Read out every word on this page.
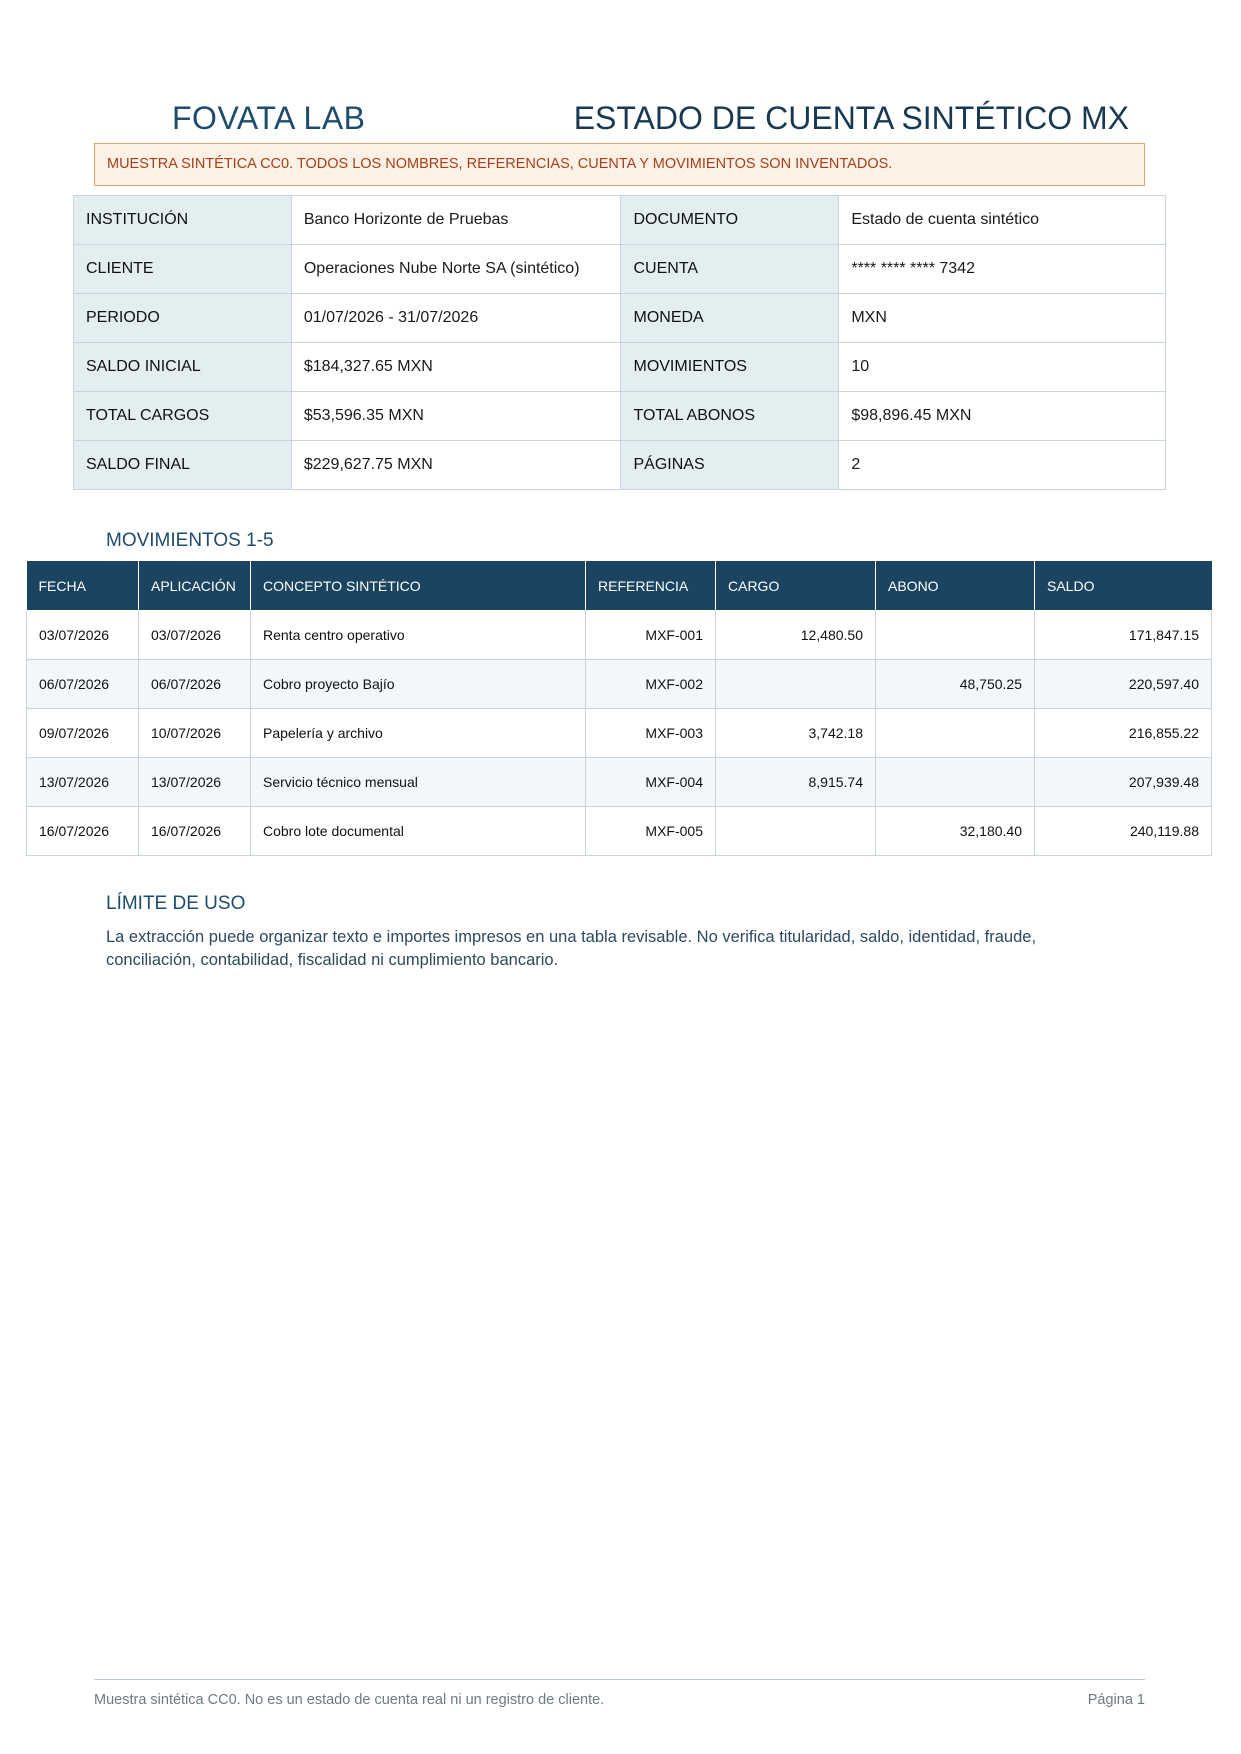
FOVATA LAB	ESTADO DE CUENTA SINTÉTICO MX
MUESTRA SINTÉTICA CC0. TODOS LOS NOMBRES, REFERENCIAS, CUENTA Y MOVIMIENTOS SON INVENTADOS.
INSTITUCIÓN	Banco Horizonte de Pruebas	DOCUMENTO	Estado de cuenta sintético
CLIENTE	Operaciones Nube Norte SA (sintético)	CUENTA	**** **** **** 7342
PERIODO	01/07/2026 - 31/07/2026	MONEDA	MXN
SALDO INICIAL	$184,327.65 MXN	MOVIMIENTOS	10
TOTAL CARGOS	$53,596.35 MXN	TOTAL ABONOS	$98,896.45 MXN
SALDO FINAL	$229,627.75 MXN	PÁGINAS	2
MOVIMIENTOS 1-5
FECHA	APLICACIÓN	CONCEPTO SINTÉTICO	REFERENCIA	CARGO	ABONO	SALDO
03/07/2026	03/07/2026	Renta centro operativo	MXF-001	12,480.50		171,847.15
06/07/2026	06/07/2026	Cobro proyecto Bajío	MXF-002		48,750.25	220,597.40
09/07/2026	10/07/2026	Papelería y archivo	MXF-003	3,742.18		216,855.22
13/07/2026	13/07/2026	Servicio técnico mensual	MXF-004	8,915.74		207,939.48
16/07/2026	16/07/2026	Cobro lote documental	MXF-005		32,180.40	240,119.88
LÍMITE DE USO
La extracción puede organizar texto e importes impresos en una tabla revisable. No verifica titularidad, saldo, identidad, fraude, conciliación, contabilidad, fiscalidad ni cumplimiento bancario.
Muestra sintética CC0. No es un estado de cuenta real ni un registro de cliente.	Página 1
